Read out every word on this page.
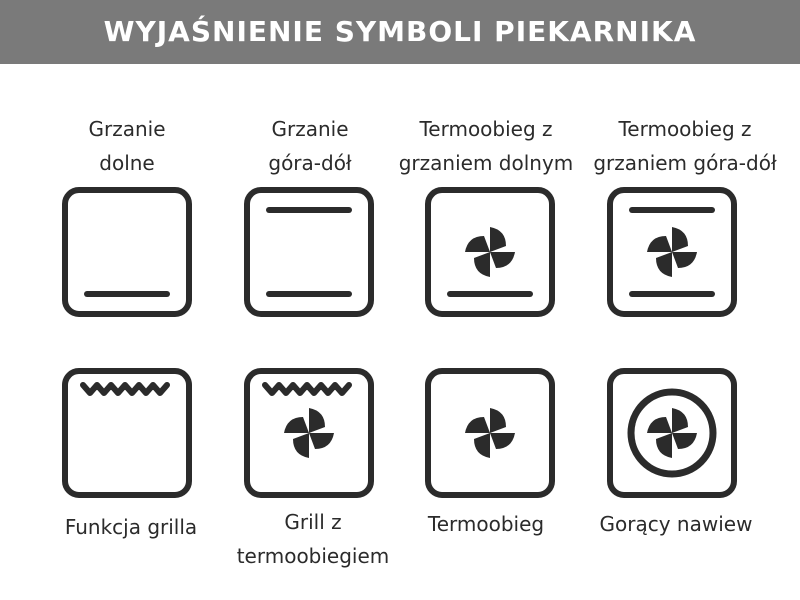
WYJAŚNIENIE SYMBOLI PIEKARNIKA
Grzanie
dolne
Grzanie
góra-dół
Termoobieg z
grzaniem dolnym
Termoobieg z
grzaniem góra-dół
Funkcja grilla	Grill z
termoobiegiem
Termoobieg	Gorący nawiew
